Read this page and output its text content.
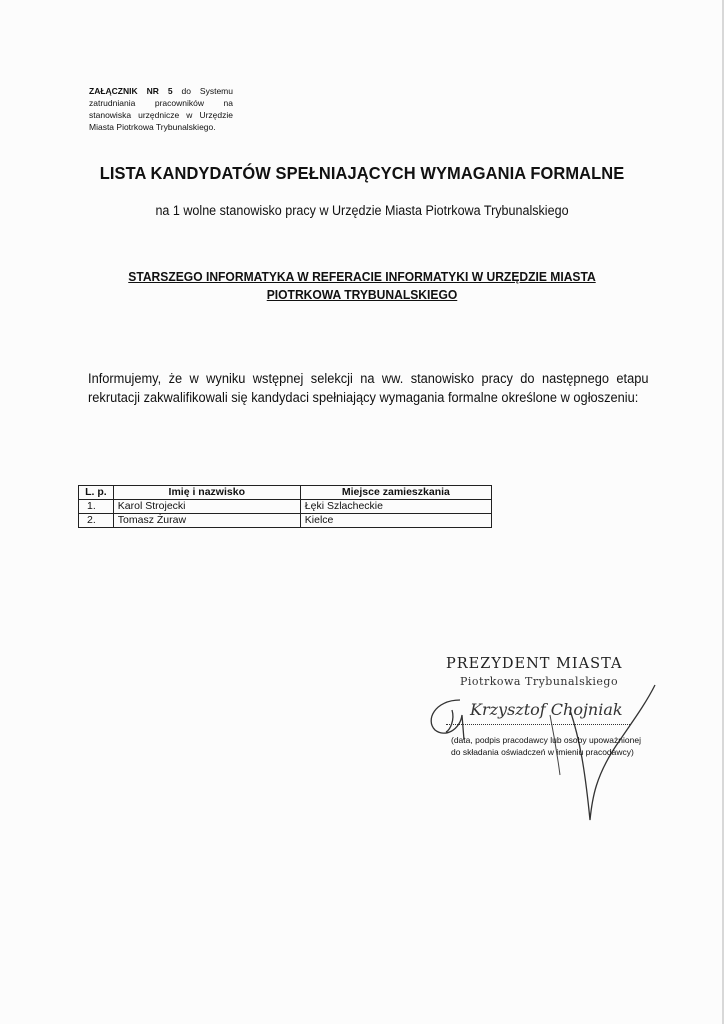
ZAŁĄCZNIK NR 5 do Systemu zatrudniania pracowników na stanowiska urzędnicze w Urzędzie Miasta Piotrkowa Trybunalskiego.
LISTA KANDYDATÓW SPEŁNIAJĄCYCH WYMAGANIA FORMALNE
na 1 wolne stanowisko pracy w Urzędzie Miasta Piotrkowa Trybunalskiego
STARSZEGO INFORMATYKA W REFERACIE INFORMATYKI W URZĘDZIE MIASTA PIOTRKOWA TRYBUNALSKIEGO
Informujemy, że w wyniku wstępnej selekcji na ww. stanowisko pracy do następnego etapu rekrutacji zakwalifikowali się kandydaci spełniający wymagania formalne określone w ogłoszeniu:
L. p.	Imię i nazwisko	Miejsce zamieszkania
1.	Karol Strojecki	Łęki Szlacheckie
2.	Tomasz Żuraw	Kielce
PREZYDENT MIASTA
Piotrkowa Trybunalskiego
Krzysztof Chojniak
(data, podpis pracodawcy lub osoby upoważnionej do składania oświadczeń w imieniu pracodawcy)
